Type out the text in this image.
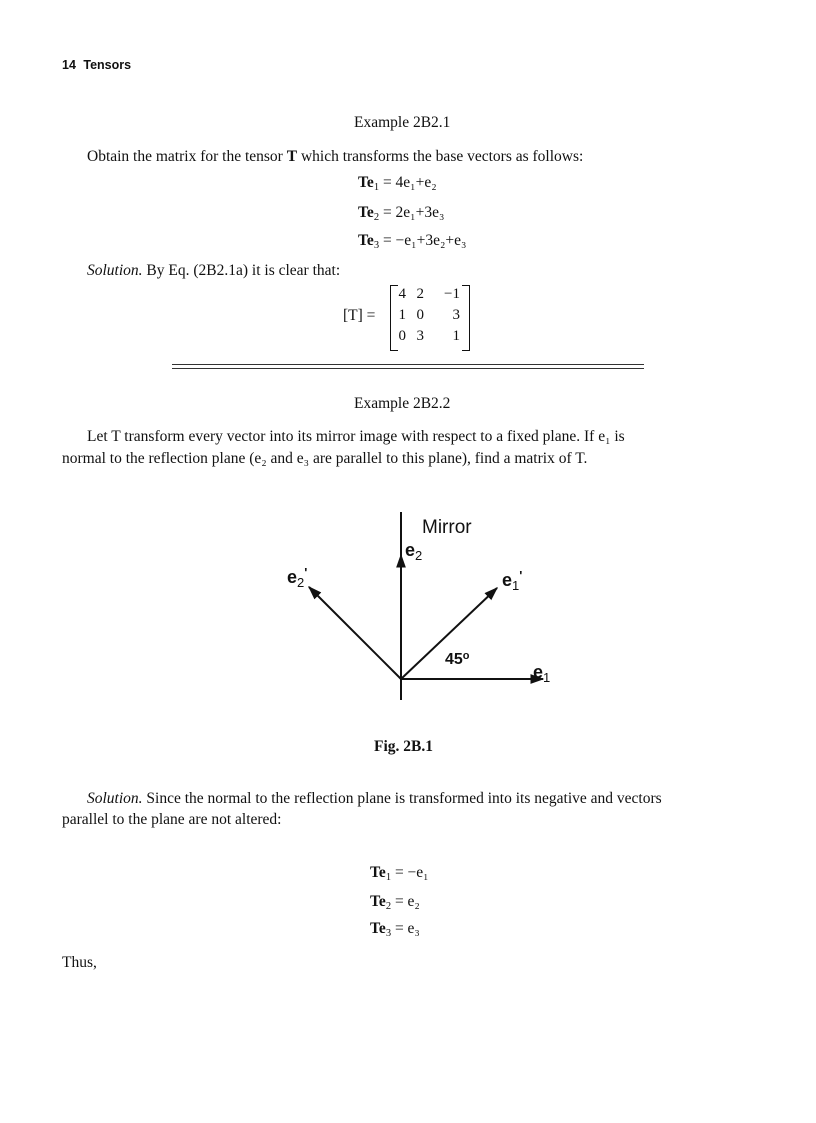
14 Tensors
Example 2B2.1
Obtain the matrix for the tensor T which transforms the base vectors as follows:
$Te_1 = 4e_1+e_2$
$Te_2 = 2e_1+3e_3$
$Te_3 = -e_1+3e_2+e_3$
Solution. By Eq. (2B2.1a) it is clear that:
[T] =
4 2	−1
1 0	3
0 3	1
Example 2B2.2
Let T transform every vector into its mirror image with respect to a fixed plane. If e₁ is
normal to the reflection plane (e₂ and e₃ are parallel to this plane), find a matrix of T.
Mirror
$e_2$
$e_2'$	$e_1'$
$e_1$
45$^o$
Fig. 2B.1
Solution. Since the normal to the reflection plane is transformed into its negative and vectors
parallel to the plane are not altered:
$Te_1 = -e_1$
$Te_2 = e_2$
$Te_3 = e_3$
Thus,
